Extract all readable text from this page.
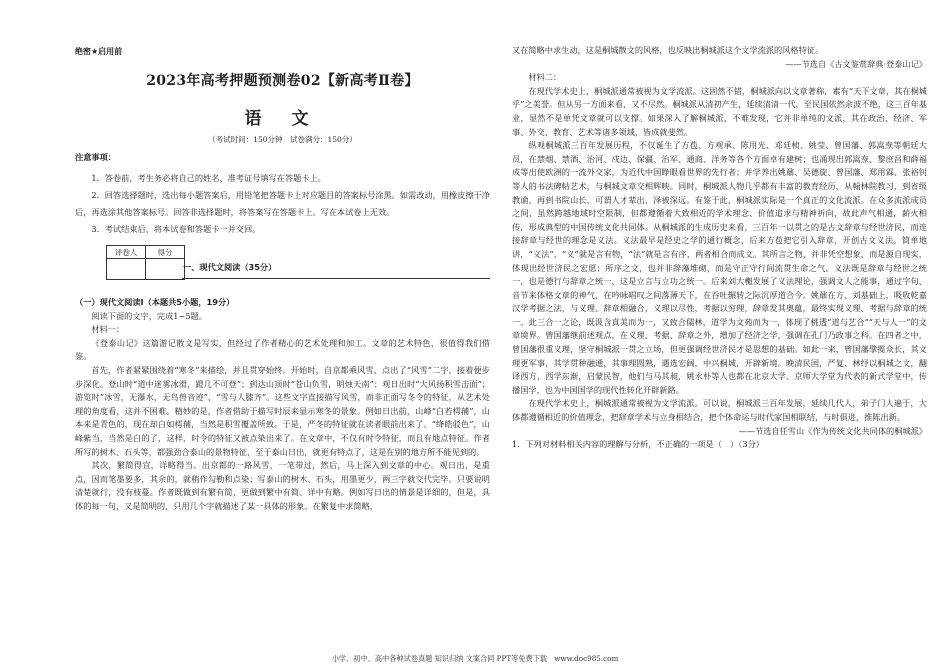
绝密★启用前
2023年高考押题预测卷02【新高考Ⅱ卷】
语 文
（考试时间：150分钟　试卷满分：150分）
注意事项：

1．答卷前，考生务必将自己的姓名、准考证号填写在答题卡上。

2．回答选择题时，选出每小题答案后，用铅笔把答题卡上对应题目的答案标号涂黑。如需改动，用橡皮擦干净后，再选涂其他答案标号。回答非选择题时，将答案写在答题卡上。写在本试卷上无效。

3．考试结束后，将本试卷和答题卡一并交回。

评卷人	得分

一、现代文阅读（35分）

（一）现代文阅读Ⅰ（本题共5小题，19分）

阅读下面的文字，完成1~5题。

材料一：

《登泰山记》这篇游记散文是写实，但经过了作者精心的艺术处理和加工。文章的艺术特色，很值得我们借鉴。

首先，作者紧紧围绕着“寒冬”来描绘，并且贯穿始终。开始时，自京都乘风雪，点出了“风雪”二字，接着便步步深化。登山时“道中迷雾冰滑，蹬几不可登”；到达山顶时“苍山负雪，明烛天南”；观日出时“大风扬积雪击面”；游览时“冰雪，无瀑水，无鸟兽音迹”，“雪与人膝齐”。这些文字直接描写风雪，而非正面写冬令的特征，从艺术处理的角度看，这并不困难。精妙的是，作者借助于描写时辰来显示寒冬的景象。例如日出前，山峰“白若樗蒱”，山本来是青色的，现在却白如樗蒱，当然是积雪覆盖所致。于是，严冬的特征就在读者眼前出来了。“绛皓驳色”，山峰紫当，当然是白的了，这样，时令的特征又被点染出来了。在文章中，不仅有时令特征，而且有地点特征。作者所写的树木、石头等，都强劲合泰山的景物特征，至于泰山日出，就更有特点了，这是在别的地方所不能见到的。

其次，繁简得宜，详略得当。出京都的一路风雪，一笔带过，然后，马上深入到文章的中心。观日出，是重点，因而笔墨要多，其余的，就稍作勾勒和点染；写泰山的树木、石头，用墨更少，两三字就交代完毕。只要说明清楚就行，没有枝蔓。作者既做到有繁有简，更做到繁中有简、详中有略。例如写日出的情景是详细的，但是，具体的每一句，又是简明的，只用几个字就描述了某一具体的形象。在繁复中求简略，

又在简略中求生动，这是桐城散文的风格，也反映出桐城派这个文学流派的风格特征。

——节选自《古文鉴赏辞典·登泰山记》

材料二：

在现代学术史上，桐城派通常被视为文学流派。这固然不错，桐城派向以文章著称，素有“天下文章，其在桐城乎”之美誉。但从另一方面来看，又不尽然。桐城派从清初产生，延续清清一代，至民国依然余波不绝，这三百年基业，显然不是单凭文章就可以支撑。如果深入了解桐城派，不难发现，它并非单纯的文派，其在政治、经济、军事、外交、教育、艺术等诸多领域，皆成就斐然。

纵观桐城派三百年发展历程，不仅诞生了方苞、方观承、陈用光、邓廷桢、姚莹、曾国藩、郭嵩焘等朝廷大员，在禁烟、禁酒、治河、戍边、保疆、治军、通商、洋务等各个方面卓有建树；也涌现出郭嵩焘、黎庶昌和薛福成等出使欧洲的一流外交家，为近代中国睁眼看世界的先行者；并学养出姚鼐、吴德旋、曾国藩、郑用霖、张裕钊等人的书法碑帖艺术，与桐城文章交相辉映。同时，桐城派人物几乎都有丰富的教育经历，从翰林院教习，到省级教谕，再到书院山长，可谓人才辈出，泽被深远。有鉴于此，桐城派实际是一个真正的文化流派。在众多流派成员之间，虽然跨越地域时空限制，但都遵循着大致相近的学术理念、价值追求与精神祈向，故此声气相通，薪火相传，形成典型的中国传统文化共同体。从桐城派的生成历史来看，三百年一以贯之的是古文辞章与经世济民，而连接辞章与经世的理念是义法。义法最早是经史之学的通行概念，后来方苞把它引入辞章，开创古文义法。简单地讲，“义法”，“义”就是言有物，“法”就是言有序，两者相合而成文。其所言之物，并非凭空想象，而是源自现实，体现出经世济民之宏愿；所序之文，也并非辞藻堆砌，而是守正守行间流贯生命之气。义法既是辞章与经世之统一，也是德行与辞章之统一，这是立言与立功之统一。后来刘大櫆发展了义法理论，强调文人之能事，通过字句、音节来体格文章的神气，在吟咏唱叹之间落薄天下，在吞吐辗转之际沉厚道合今。姚鼐在方、刘基础上，吸收乾嘉汉学考据之法，与义理、辞章相融合，义理以尽性，考据以穷理，辞章发其奥蕴，最终实现义理、考据与辞章的统一。此三合一之论，既汲含真美而为一，又致合儒林，道学为文苑而为一，体现了桃透“道与艺合”“天与人一”的文章境界。曾国藩继前述观点，在义理、考据、辞章之外，增加了经济之学，强调在孔门乃政事之科。在四者之中，曾国藩很重义理，坚守桐城派一贯之立场，但更强调经世济民才是思想的基础。如此一来，曾国藩擘揽众长，其文理更军事，其学贯种融通，其事理圆熟，遇选宏阔，中兴桐城，开辟新境。晚清民国，严复、林纾以桐城之文，翻译西方，西学东渐，启蒙民智，他们与马其昶，姚永朴等人也都在北京大学、京师大学堂为代表的新式学堂中，传播国学，也为中国国学的现代性转化开辟新路。

在现代学术史上，桐城派通常被视为文学流派。可以说，桐城派三百年发展，延续几代人，弟子门人遍于，大体都遵循相近的价值理念，把辞章学术与立身相结合，把个体命运与时代家国相联结，与时俱进，推陈出新。

——节选自任雪山《作为传统文化共同体的桐城派》

1．下列对材料相关内容的理解与分析，不正确的一项是（　）（3分）

小学、初中、高中各种试卷真题 知识归纳 文案合同 PPT等免费下载　www.doc985.com
